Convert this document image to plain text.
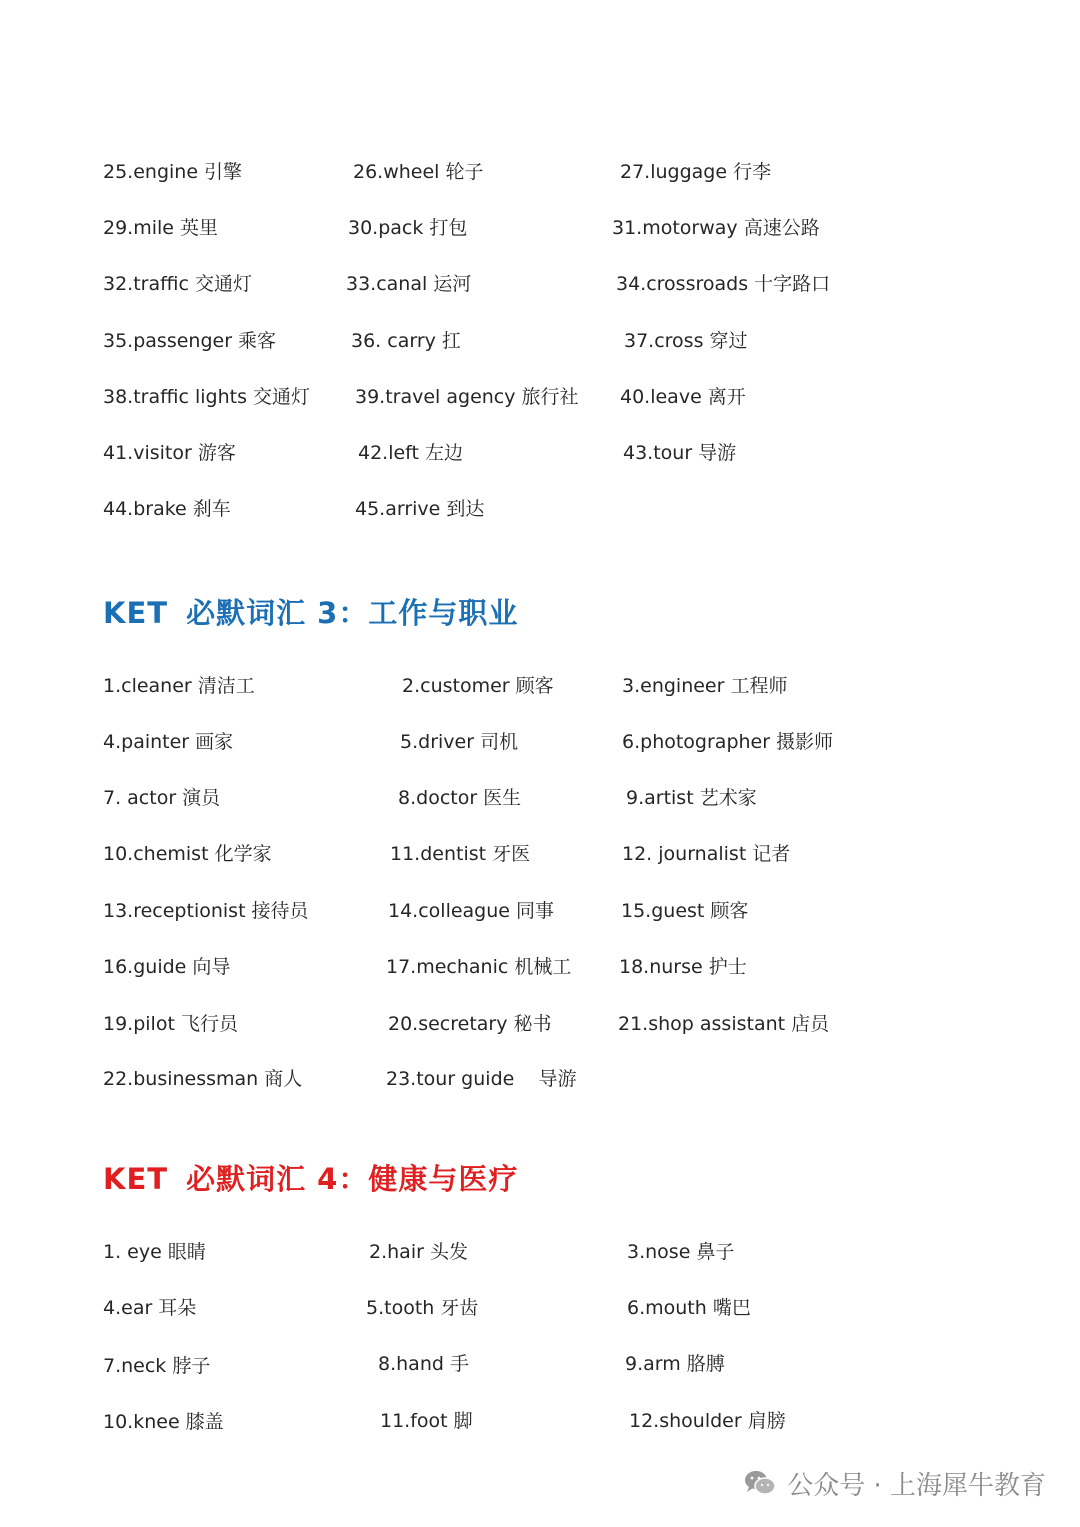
25.engine 引擎	26.wheel 轮子	27.luggage 行李
29.mile 英里	30.pack 打包	31.motorway 高速公路
32.traffic 交通灯	33.canal 运河	34.crossroads 十字路口
35.passenger 乘客	36. carry 扛	37.cross 穿过
38.traffic lights 交通灯 39.travel agency 旅行社 40.leave 离开
41.visitor 游客	42.left 左边	43.tour 导游
44.brake 刹车	45.arrive 到达
KET 必默词汇 3：工作与职业
1.cleaner 清洁工	2.customer 顾客	3.engineer 工程师
4.painter 画家	5.driver 司机	6.photographer 摄影师
7. actor 演员	8.doctor 医生	9.artist 艺术家
10.chemist 化学家	11.dentist 牙医	12. journalist 记者
13.receptionist 接待员	14.colleague 同事	15.guest 顾客
16.guide 向导	17.mechanic 机械工	18.nurse 护士
19.pilot 飞行员	20.secretary 秘书	21.shop assistant 店员
22.businessman 商人	23.tour guide    导游
KET 必默词汇 4：健康与医疗
1. eye 眼睛	2.hair 头发	3.nose 鼻子
4.ear 耳朵	5.tooth 牙齿	6.mouth 嘴巴
7.neck 脖子	8.hand 手	9.arm 胳膊
10.knee 膝盖	11.foot 脚	12.shoulder 肩膀
公众号 · 上海犀牛教育
